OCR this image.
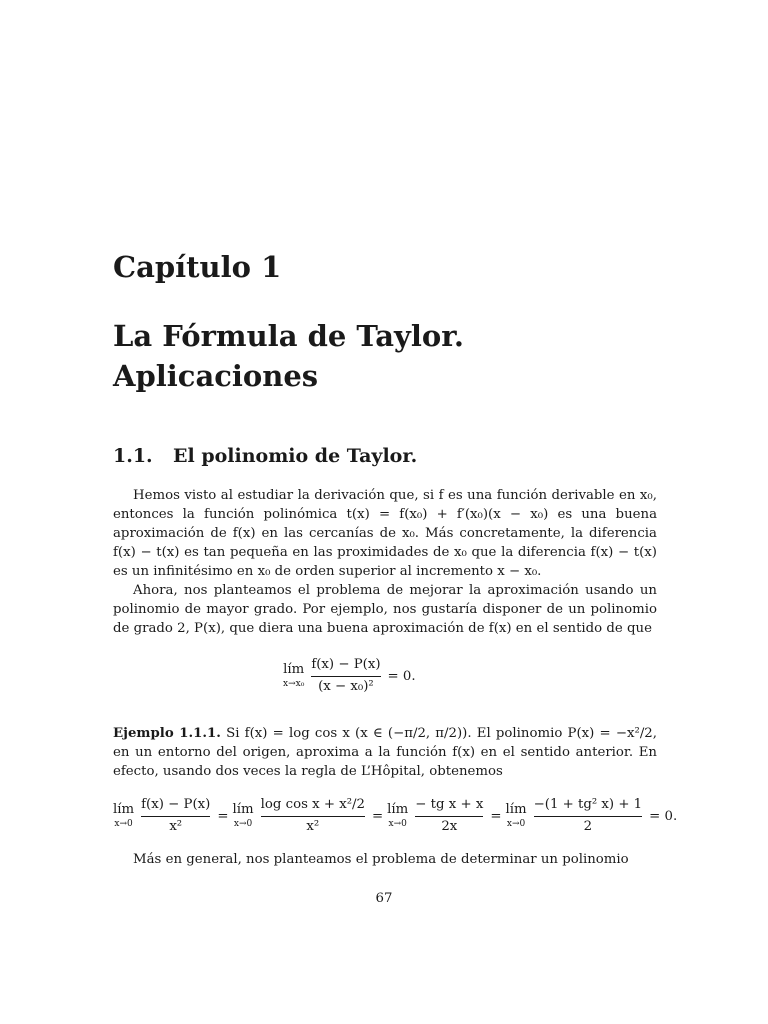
Capítulo 1
La Fórmula de Taylor.
Aplicaciones
1.1. El polinomio de Taylor.

Hemos visto al estudiar la derivación que, si f es una función derivable en x₀, entonces la función polinómica t(x) = f(x₀) + f′(x₀)(x − x₀) es una buena aproximación de f(x) en las cercanías de x₀. Más concretamente, la diferencia f(x) − t(x) es tan pequeña en las proximidades de x₀ que la diferencia f(x) − t(x) es un infinitésimo en x₀ de orden superior al incremento x − x₀.

Ahora, nos planteamos el problema de mejorar la aproximación usando un polinomio de mayor grado. Por ejemplo, nos gustaría disponer de un polinomio de grado 2, P(x), que diera una buena aproximación de f(x) en el sentido de que

lím
$x\to x_0 \frac{f(x) - P(x)}{\text{(x − x₀)²}} = 0$.

Ejemplo 1.1.1. Si f(x) = log cos x (x ∈ (−π/2, π/2)). El polinomio P(x) = −x²/2, en un entorno del origen, aproxima a la función f(x) en el sentido anterior. En efecto, usando dos veces la regla de L’Hôpital, obtenemos

lím
$x\to 0 \frac{f(x) - P(x)}{\text{x²}}$ = lím
$x\to 0 \frac{\text{log cos x + x²/2}}{\text{x²}}$ = lím
$x\to 0 \frac{\text{− tg x + x}}{2x}$ = lím
$x\to 0 \frac{\text{−(1 + tg² x) + 1}}{2} = 0$.

Más en general, nos planteamos el problema de determinar un polinomio

67
